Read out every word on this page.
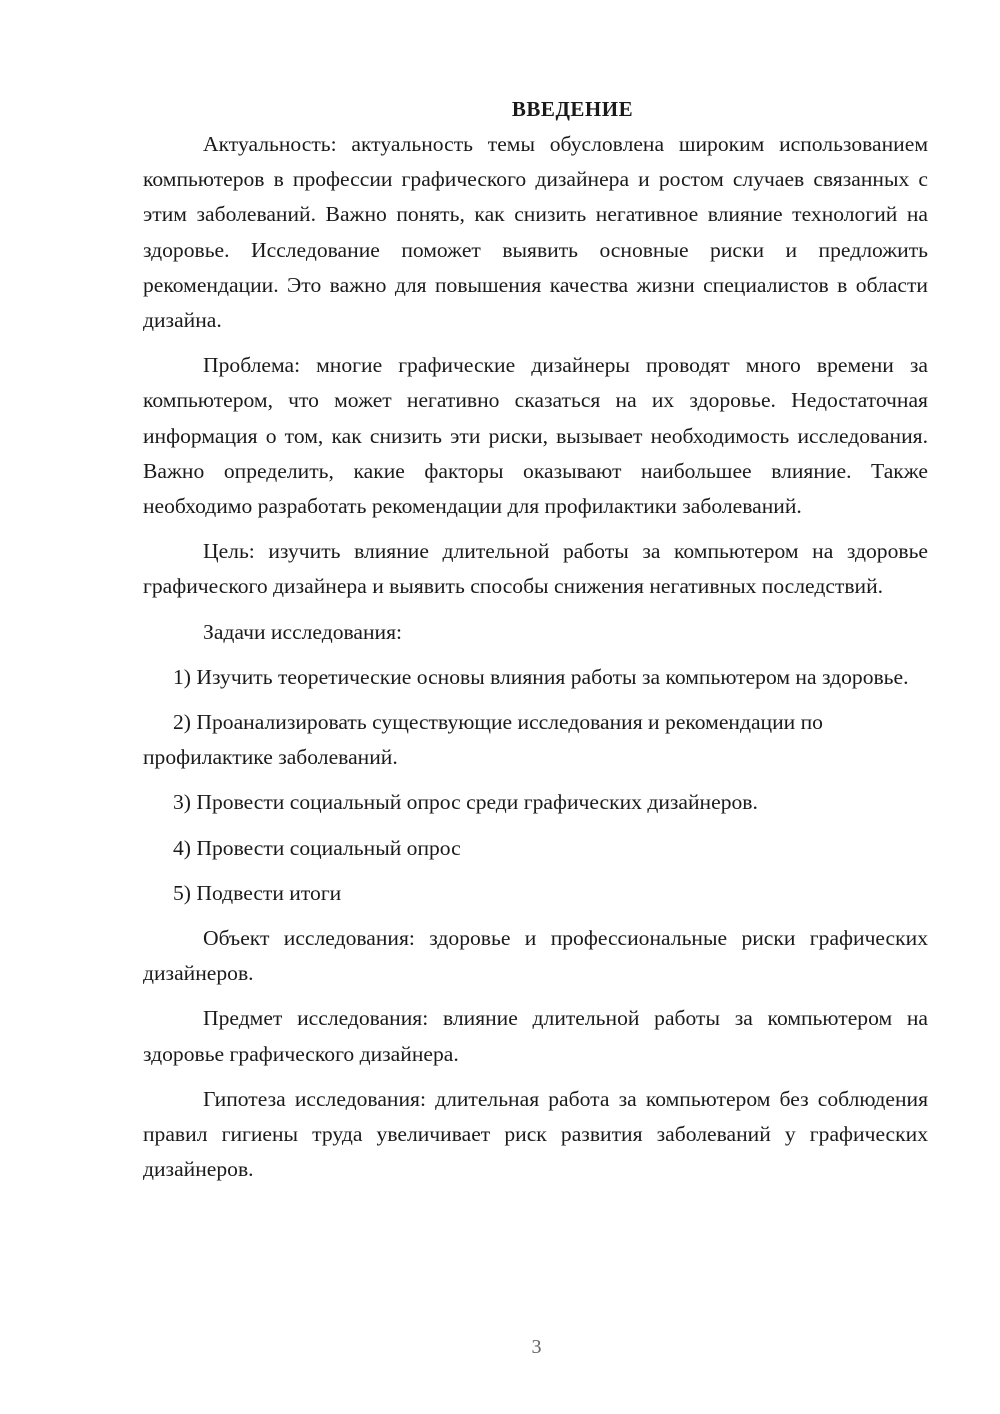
ВВЕДЕНИЕ

Актуальность: актуальность темы обусловлена широким использованием компьютеров в профессии графического дизайнера и ростом случаев связанных с этим заболеваний. Важно понять, как снизить негативное влияние технологий на здоровье. Исследование поможет выявить основные риски и предложить рекомендации. Это важно для повышения качества жизни специалистов в области дизайна.

Проблема: многие графические дизайнеры проводят много времени за компьютером, что может негативно сказаться на их здоровье. Недостаточная информация о том, как снизить эти риски, вызывает необходимость исследования. Важно определить, какие факторы оказывают наибольшее влияние. Также необходимо разработать рекомендации для профилактики заболеваний.

Цель: изучить влияние длительной работы за компьютером на здоровье графического дизайнера и выявить способы снижения негативных последствий.

Задачи исследования:

1) Изучить теоретические основы влияния работы за компьютером на здоровье.

2) Проанализировать существующие исследования и рекомендации по профилактике заболеваний.

3) Провести социальный опрос среди графических дизайнеров.

4) Провести социальный опрос

5) Подвести итоги

Объект исследования: здоровье и профессиональные риски графических дизайнеров.

Предмет исследования: влияние длительной работы за компьютером на здоровье графического дизайнера.

Гипотеза исследования: длительная работа за компьютером без соблюдения правил гигиены труда увеличивает риск развития заболеваний у графических дизайнеров.

3
